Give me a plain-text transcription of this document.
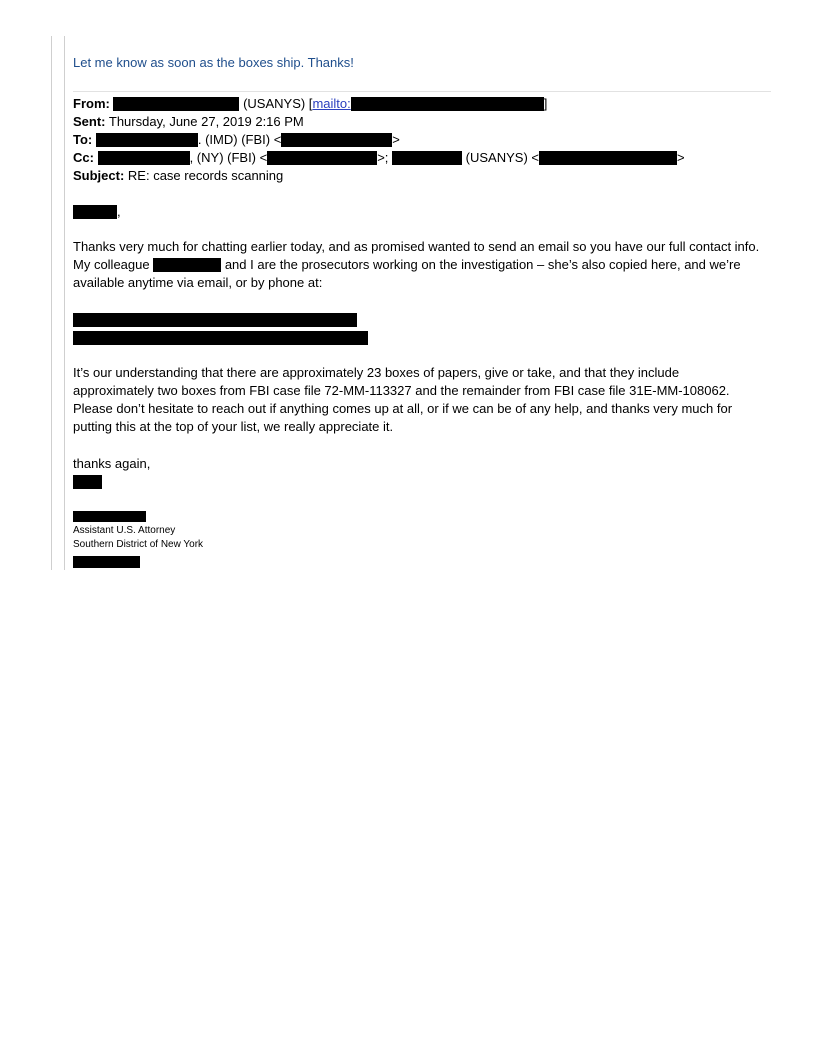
Let me know as soon as the boxes ship. Thanks!
From:	(USANYS) [mailto:	]
Sent: Thursday, June 27, 2019 2:16 PM
To:	. (IMD) (FBI) <	>
Cc:	, (NY) (FBI) <	>;	(USANYS) <	>
Subject: RE: case records scanning
,
Thanks very much for chatting earlier today, and as promised wanted to send an email so you have our full contact info. My colleague	and I are the prosecutors working on the investigation – she’s also copied here, and we’re available anytime via email, or by phone at:
It’s our understanding that there are approximately 23 boxes of papers, give or take, and that they include approximately two boxes from FBI case file 72-MM-113327 and the remainder from FBI case file 31E-MM-108062. Please don’t hesitate to reach out if anything comes up at all, or if we can be of any help, and thanks very much for putting this at the top of your list, we really appreciate it.
thanks again,
Assistant U.S. Attorney
Southern District of New York
